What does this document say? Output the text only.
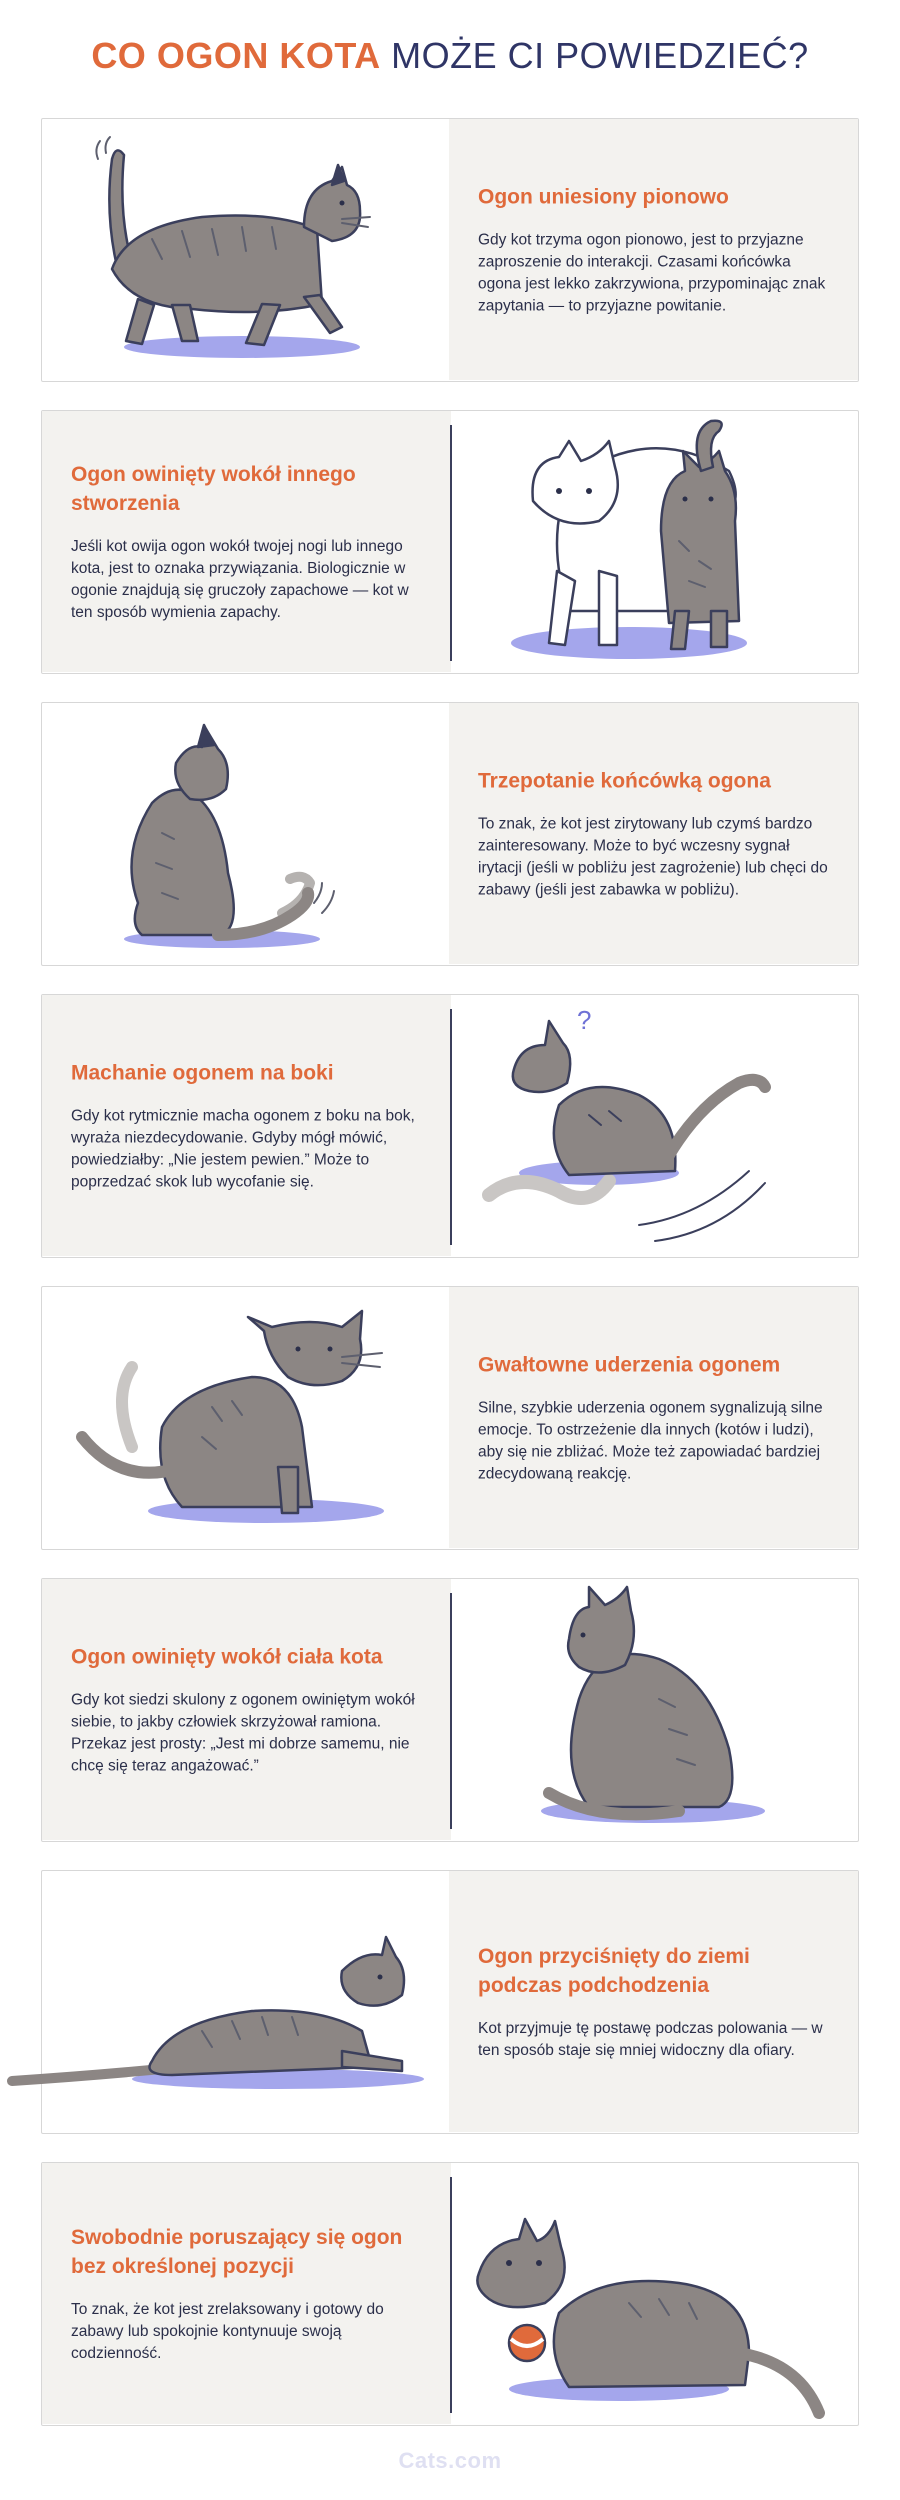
CO OGON KOTA MOŻE CI POWIEDZIEĆ?
Ogon uniesiony pionowo
Gdy kot trzyma ogon pionowo, jest to przyjazne zaproszenie do interakcji. Czasami końcówka ogona jest lekko zakrzywiona, przypominając znak zapytania — to przyjazne powitanie.
Ogon owinięty wokół innego stworzenia
Jeśli kot owija ogon wokół twojej nogi lub innego kota, jest to oznaka przywiązania. Biologicznie w ogonie znajdują się gruczoły zapachowe — kot w ten sposób wymienia zapachy.
Trzepotanie końcówką ogona
To znak, że kot jest zirytowany lub czymś bardzo zainteresowany. Może to być wczesny sygnał irytacji (jeśli w pobliżu jest zagrożenie) lub chęci do zabawy (jeśli jest zabawka w pobliżu).
Machanie ogonem na boki
Gdy kot rytmicznie macha ogonem z boku na bok, wyraża niezdecydowanie. Gdyby mógł mówić, powiedziałby: „Nie jestem pewien.” Może to poprzedzać skok lub wycofanie się.
?
Gwałtowne uderzenia ogonem
Silne, szybkie uderzenia ogonem sygnalizują silne emocje. To ostrzeżenie dla innych (kotów i ludzi), aby się nie zbliżać. Może też zapowiadać bardziej zdecydowaną reakcję.
Ogon owinięty wokół ciała kota
Gdy kot siedzi skulony z ogonem owiniętym wokół siebie, to jakby człowiek skrzyżował ramiona. Przekaz jest prosty: „Jest mi dobrze samemu, nie chcę się teraz angażować.”
Ogon przyciśnięty do ziemi podczas podchodzenia
Kot przyjmuje tę postawę podczas polowania — w ten sposób staje się mniej widoczny dla ofiary.
Swobodnie poruszający się ogon bez określonej pozycji
To znak, że kot jest zrelaksowany i gotowy do zabawy lub spokojnie kontynuuje swoją codzienność.
Cats.com
